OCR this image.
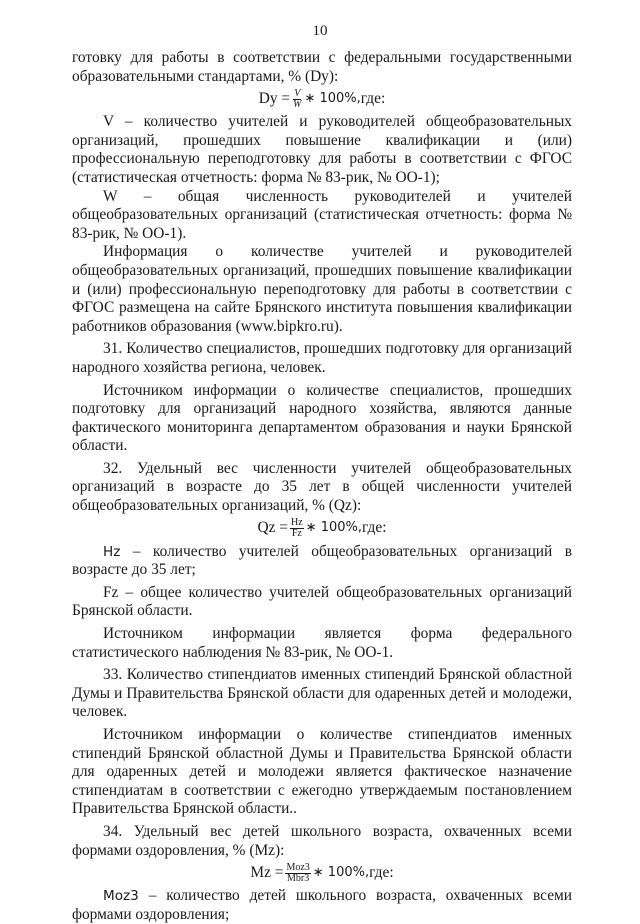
10

готовку для работы в соответствии с федеральными государственными образовательными стандартами, % (Dy):

$Dy = \frac{V}{W}$ ∗ 100%, где:

V – количество учителей и руководителей общеобразовательных организаций, прошедших повышение квалификации и (или) профессиональную переподготовку для работы в соответствии с ФГОС (статистическая отчетность: форма № 83-рик, № ОО-1);

W – общая численность руководителей и учителей общеобразовательных организаций (статистическая отчетность: форма № 83-рик, № ОО-1).

Информация о количестве учителей и руководителей общеобразовательных организаций, прошедших повышение квалификации и (или) профессиональную переподготовку для работы в соответствии с ФГОС размещена на сайте Брянского института повышения квалификации работников образования (www.bipkro.ru).

31. Количество специалистов, прошедших подготовку для организаций народного хозяйства региона, человек.

Источником информации о количестве специалистов, прошедших подготовку для организаций народного хозяйства, являются данные фактического мониторинга департаментом образования и науки Брянской области.

32. Удельный вес численности учителей общеобразовательных организаций в возрасте до 35 лет в общей численности учителей общеобразовательных организаций, % (Qz):

$Qz = \frac{Hz}{Fz}$ ∗ 100%, где:

Hz – количество учителей общеобразовательных организаций в возрасте до 35 лет;

Fz – общее количество учителей общеобразовательных организаций Брянской области.

Источником информации является форма федерального статистического наблюдения № 83-рик, № ОО-1.

33. Количество стипендиатов именных стипендий Брянской областной Думы и Правительства Брянской области для одаренных детей и молодежи, человек.

Источником информации о количестве стипендиатов именных стипендий Брянской областной Думы и Правительства Брянской области для одаренных детей и молодежи является фактическое назначение стипендиатам в соответствии с ежегодно утверждаемым постановлением Правительства Брянской области..

34. Удельный вес детей школьного возраста, охваченных всеми формами оздоровления, % (Mz):

$Mz = \frac{\text{Moz3}}{\text{Mbr3}}$ ∗ 100%, где:

Moz3 – количество детей школьного возраста, охваченных всеми формами оздоровления;
